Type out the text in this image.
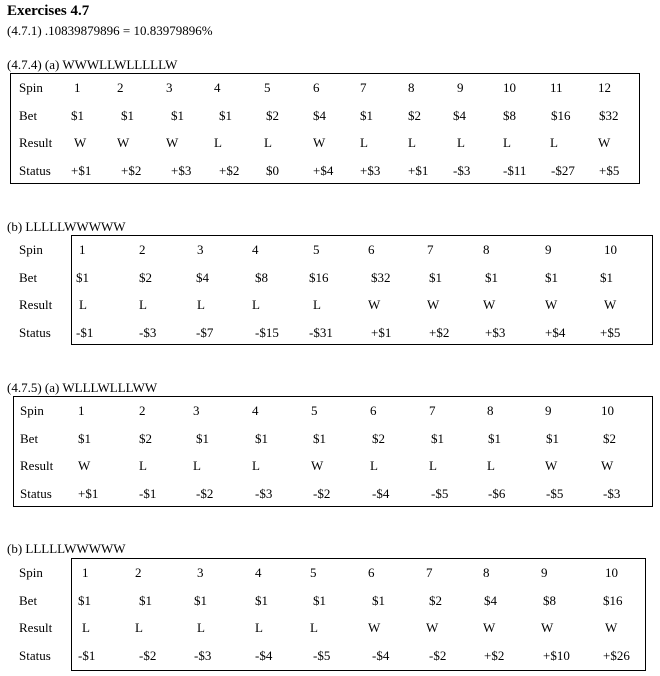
Exercises 4.7
(4.7.1) .10839879896 = 10.83979896%
(4.7.4) (a) WWWLLWLLLLLW
(b) LLLLLWWWWW
(4.7.5) (a) WLLLWLLLWW
(b) LLLLLWWWWW
Spin 1	2	3	4	5	6	7	8	9	10	11	12
Bet	$1	$1	$1	$1	$2	$4	$1	$2 $4	$8	$16 $32
Result W W	W	L	L	W	L	L	L	L	L	W
Status +$1 +$2 +$3 +$2 $0	+$4 +$3 +$1 -$3	-$11 -$27 +$5
Spin	1	2	3	4	5	6	7	8	9	10
Bet	$1	$2	$4	$8	$16	$32	$1	$1	$1	$1
Result L	L	L	L	L	W	W	W	W	W
Status -$1	-$3	-$7	-$15 -$31	+$1	+$2	+$3	+$4	+$5
Spin	1	2	3	4	5	6	7	8	9	10
Bet	$1	$2	$1	$1	$1	$2	$1	$1	$1	$2
Result W	L	L	L	W	L	L	L	W	W
Status +$1	-$1	-$2	-$3	-$2	-$4	-$5	-$6	-$5	-$3
Spin	1	2	3	4	5	6	7	8	9	10
Bet	$1	$1	$1	$1	$1	$1	$2	$4	$8	$16
Result L	L	L	L	L	W	W	W	W	W
Status -$1	-$2	-$3	-$4	-$5	-$4	-$2	+$2	+$10	+$26
